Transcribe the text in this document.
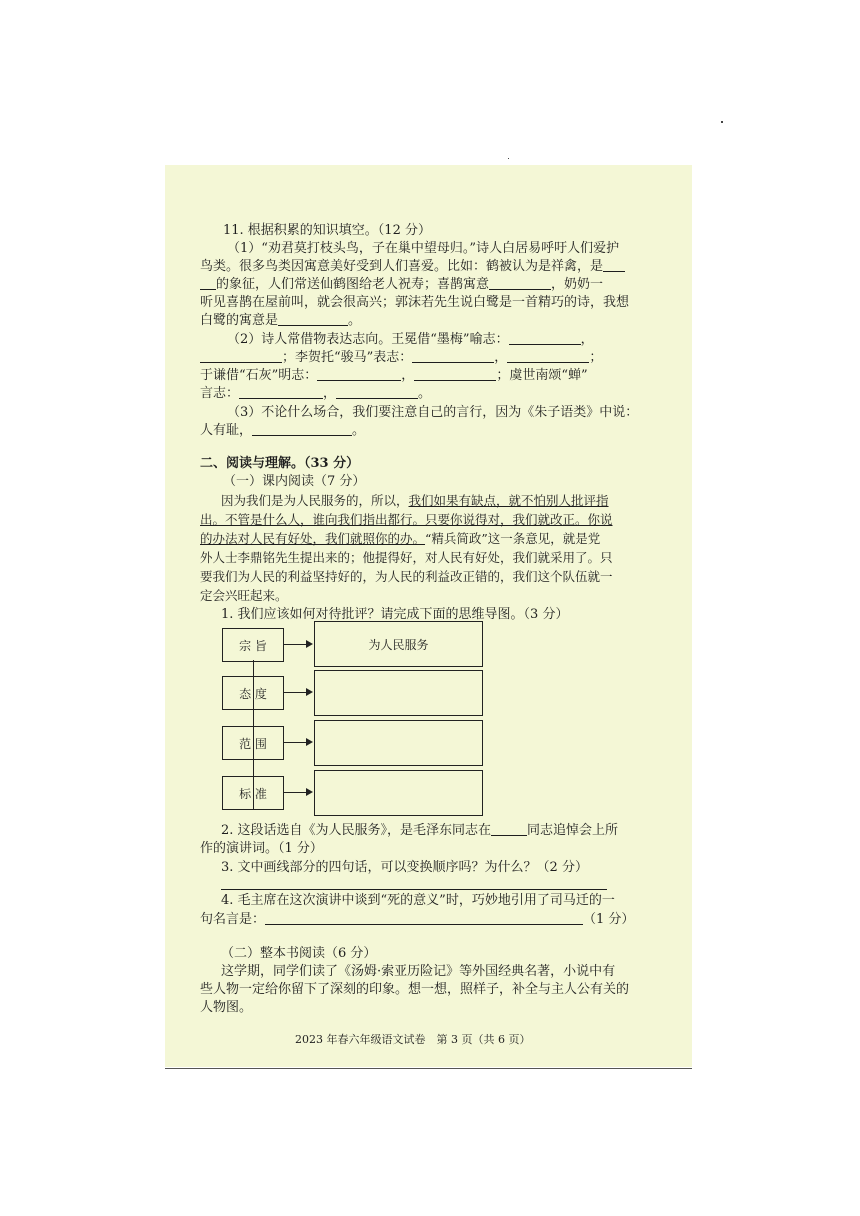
11. 根据积累的知识填空。（12 分）
（1）“劝君莫打枝头鸟，子在巢中望母归。”诗人白居易呼吁人们爱护
鸟类。很多鸟类因寓意美好受到人们喜爱。比如：鹤被认为是祥禽，是
的象征，人们常送仙鹤图给老人祝寿；喜鹊寓意	，奶奶一
听见喜鹊在屋前叫，就会很高兴；郭沫若先生说白鹭是一首精巧的诗，我想
白鹭的寓意是	。
（2）诗人常借物表达志向。王冕借“墨梅”喻志：	，
；李贺托“骏马”表志：	，	；
于谦借“石灰”明志：	，	；虞世南颂“蝉”
言志：	，	。
（3）不论什么场合，我们要注意自己的言行，因为《朱子语类》中说：
人有耻，	。
二、阅读与理解。（33 分）
（一）课内阅读（7 分）
因为我们是为人民服务的，所以，我们如果有缺点，就不怕别人批评指
出。不管是什么人，谁向我们指出都行。只要你说得对，我们就改正。你说
的办法对人民有好处，我们就照你的办。“精兵简政”这一条意见，就是党
外人士李鼎铭先生提出来的；他提得好，对人民有好处，我们就采用了。只
要我们为人民的利益坚持好的，为人民的利益改正错的，我们这个队伍就一
定会兴旺起来。
1. 我们应该如何对待批评？请完成下面的思维导图。（3 分）
宗 旨	为人民服务
态 度
范 围
标 准
2. 这段话选自《为人民服务》，是毛泽东同志在	同志追悼会上所
作的演讲词。（1 分）
3. 文中画线部分的四句话，可以变换顺序吗？为什么？（2 分）
4. 毛主席在这次演讲中谈到“死的意义”时，巧妙地引用了司马迁的一
句名言是：	（1 分）
（二）整本书阅读（6 分）
这学期，同学们读了《汤姆·索亚历险记》等外国经典名著，小说中有
些人物一定给你留下了深刻的印象。想一想，照样子，补全与主人公有关的
人物图。
2023 年春六年级语文试卷　第 3 页（共 6 页）
